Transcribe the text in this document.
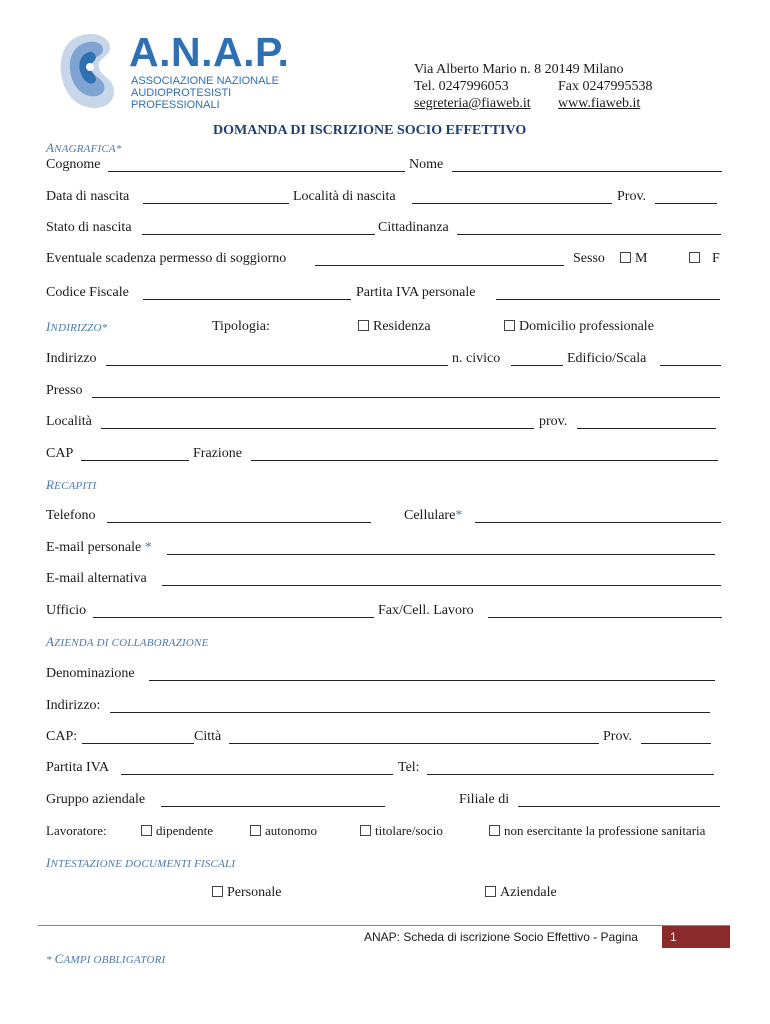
A.N.A.P.
ASSOCIAZIONE NAZIONALE
AUDIOPROTESISTI
PROFESSIONALI
Via Alberto Mario n. 8 20149 Milano
Tel. 0247996053	Fax 0247995538
segreteria@fiaweb.it www.fiaweb.it
DOMANDA DI ISCRIZIONE SOCIO EFFETTIVO
ANAGRAFICA*
Cognome	Nome
Data di nascita	Località di nascita	Prov.
Stato di nascita	Cittadinanza
Eventuale scadenza permesso di soggiorno	Sesso	M	F
Codice Fiscale	Partita IVA personale
INDIRIZZO*	Tipologia:	Residenza	Domicilio professionale
Indirizzo	n. civico	Edificio/Scala
Presso
Località	prov.
CAP	Frazione
RECAPITI
Telefono	Cellulare*
E-mail personale *
E-mail alternativa
Ufficio	Fax/Cell. Lavoro
AZIENDA DI COLLABORAZIONE
Denominazione
Indirizzo:
CAP:	Città	Prov.
Partita IVA	Tel:
Gruppo aziendale	Filiale di
Lavoratore:	dipendente	autonomo	titolare/socio	non esercitante la professione sanitaria
INTESTAZIONE DOCUMENTI FISCALI
Personale	Aziendale
ANAP: Scheda di iscrizione Socio Effettivo - Pagina	1
* CAMPI OBBLIGATORI
